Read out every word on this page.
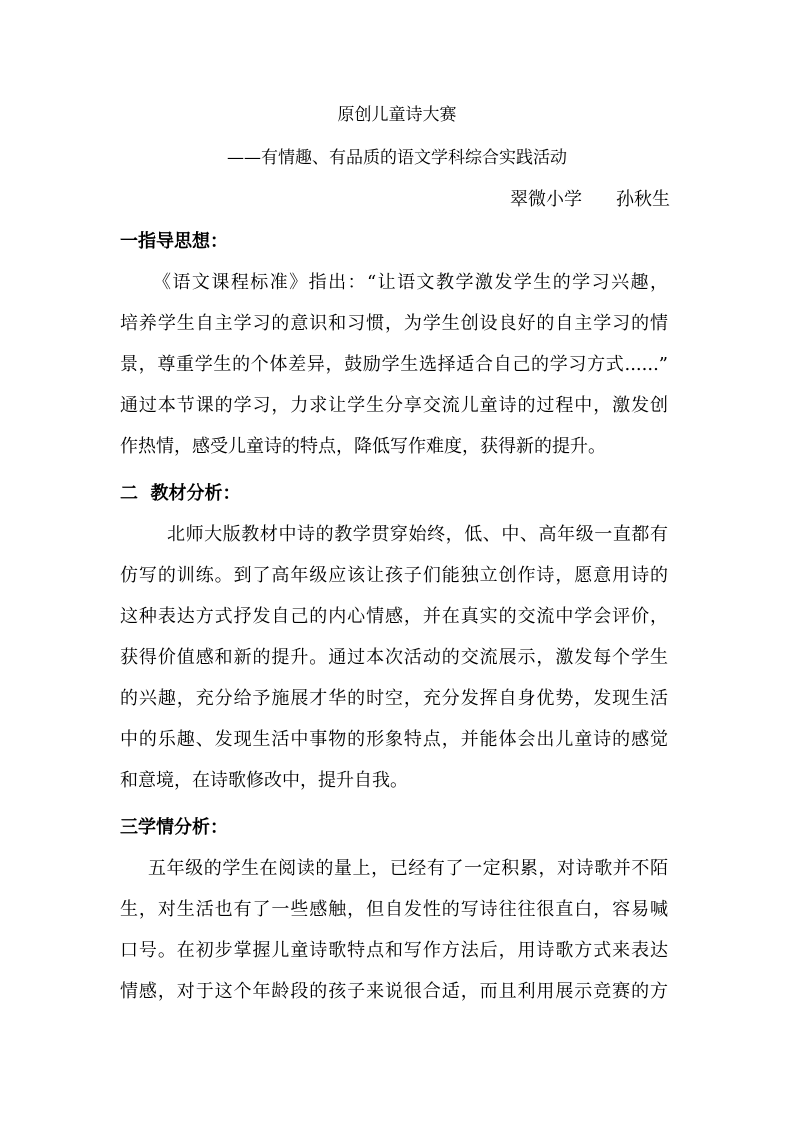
原创儿童诗大赛
——有情趣、有品质的语文学科综合实践活动
翠微小学 孙秋生
一指导思想：
《语文课程标准》指出：“让语文教学激发学生的学习兴趣，
培养学生自主学习的意识和习惯，为学生创设良好的自主学习的情
景，尊重学生的个体差异，鼓励学生选择适合自己的学习方式......”
通过本节课的学习，力求让学生分享交流儿童诗的过程中，激发创
作热情，感受儿童诗的特点，降低写作难度，获得新的提升。
二  教材分析：
北师大版教材中诗的教学贯穿始终，低、中、高年级一直都有
仿写的训练。到了高年级应该让孩子们能独立创作诗，愿意用诗的
这种表达方式抒发自己的内心情感，并在真实的交流中学会评价，
获得价值感和新的提升。通过本次活动的交流展示，激发每个学生
的兴趣，充分给予施展才华的时空，充分发挥自身优势，发现生活
中的乐趣、发现生活中事物的形象特点，并能体会出儿童诗的感觉
和意境，在诗歌修改中，提升自我。
三学情分析：
五年级的学生在阅读的量上，已经有了一定积累，对诗歌并不陌
生，对生活也有了一些感触，但自发性的写诗往往很直白，容易喊
口号。在初步掌握儿童诗歌特点和写作方法后，用诗歌方式来表达
情感，对于这个年龄段的孩子来说很合适，而且利用展示竞赛的方
